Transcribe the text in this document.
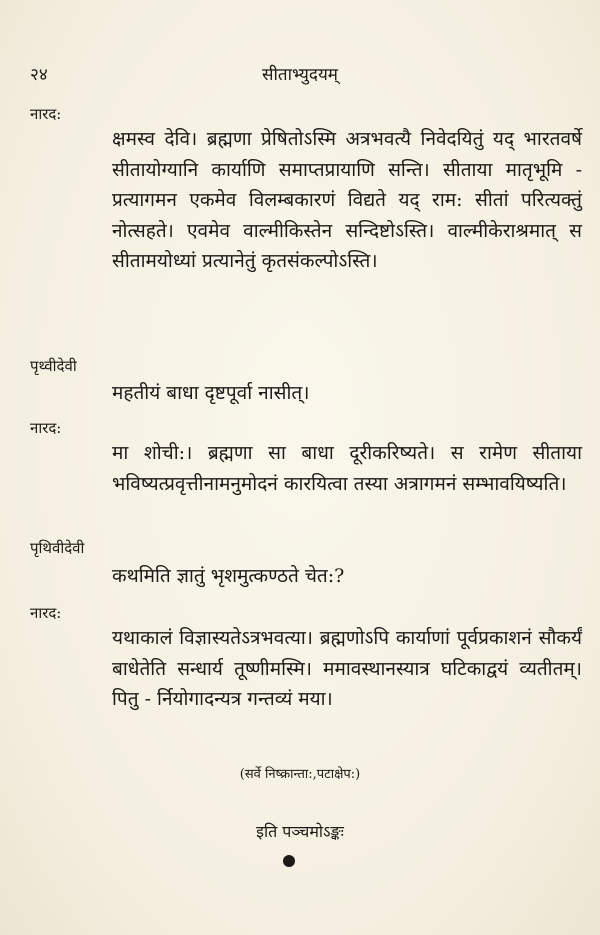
२४	सीताभ्युदयम्
नारद:

क्षमस्व देवि। ब्रह्मणा प्रेषितोऽस्मि अत्रभवत्यै निवेदयितुं यद् भारतवर्षे सीतायोग्यानि कार्याणि समाप्तप्रायाणि सन्ति। सीताया मातृभूमि - प्रत्यागमन एकमेव विलम्बकारणं विद्यते यद् राम: सीतां परित्यक्तुं नोत्सहते। एवमेव वाल्मीकिस्तेन सन्दिष्टोऽस्ति। वाल्मीकेराश्रमात् स सीतामयोध्यां प्रत्यानेतुं कृतसंकल्पोऽस्ति।

पृथ्वीदेवी

महतीयं बाधा दृष्टपूर्वा नासीत्।

नारद:

मा शोची:। ब्रह्मणा सा बाधा दूरीकरिष्यते। स रामेण सीताया भविष्यत्प्रवृत्तीनामनुमोदनं कारयित्वा तस्या अत्रागमनं सम्भावयिष्यति।

पृथिवीदेवी

कथमिति ज्ञातुं भृशमुत्कण्ठते चेत:?

नारद:

यथाकालं विज्ञास्यतेऽत्रभवत्या। ब्रह्मणोऽपि कार्याणां पूर्वप्रकाशनं सौकर्यं बाधेतेति सन्धार्य तूष्णीमस्मि। ममावस्थानस्यात्र घटिकाद्वयं व्यतीतम्। पितु - र्नियोगादन्यत्र गन्तव्यं मया।

(सर्वे निष्क्रान्ता:,पटाक्षेप:)
इति पञ्चमोऽङ्कः
